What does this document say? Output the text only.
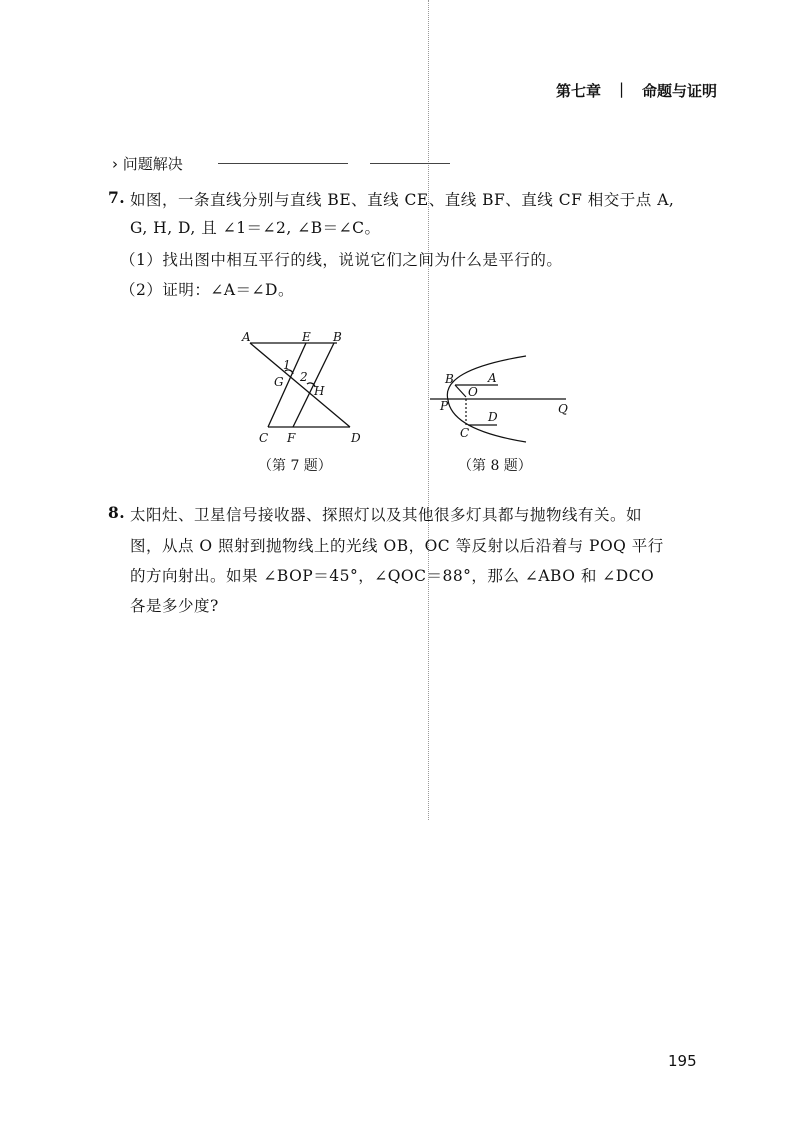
第七章 | 命题与证明
› 问题解决
7. 如图，一条直线分别与直线 BE、直线 CE、直线 BF、直线 CF 相交于点 A,
G, H, D, 且 ∠1＝∠2, ∠B＝∠C。
（1）找出图中相互平行的线，说说它们之间为什么是平行的。
（2）证明：∠A＝∠D。
A	E B
1
2
G
H
C F	D
B	A
O
P	Q
D
C
（第 7 题）	（第 8 题）
8. 太阳灶、卫星信号接收器、探照灯以及其他很多灯具都与抛物线有关。如
图，从点 O 照射到抛物线上的光线 OB，OC 等反射以后沿着与 POQ 平行
的方向射出。如果 ∠BOP＝45°，∠QOC＝88°，那么 ∠ABO 和 ∠DCO
各是多少度?
195
